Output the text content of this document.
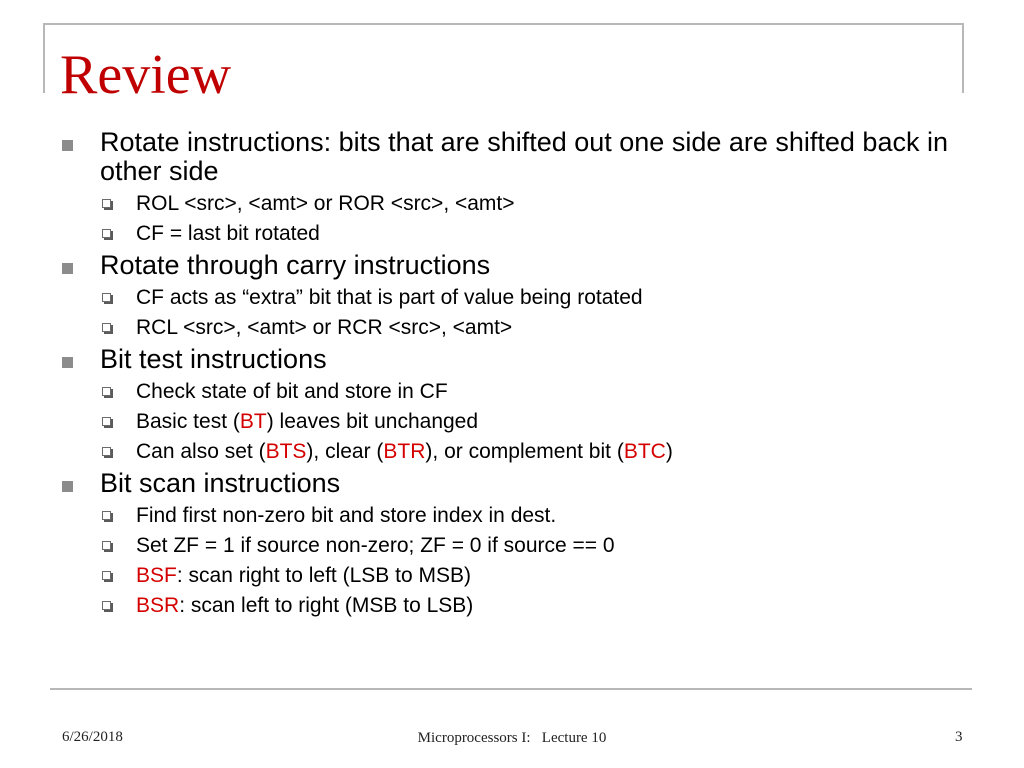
Review
Rotate instructions: bits that are shifted out one side are shifted back in other side
ROL <src>, <amt> or ROR <src>, <amt>
CF = last bit rotated
Rotate through carry instructions
CF acts as “extra” bit that is part of value being rotated
RCL <src>, <amt> or RCR <src>, <amt>
Bit test instructions
Check state of bit and store in CF
Basic test (BT) leaves bit unchanged
Can also set (BTS), clear (BTR), or complement bit (BTC)
Bit scan instructions
Find first non-zero bit and store index in dest.
Set ZF = 1 if source non-zero; ZF = 0 if source == 0
BSF: scan right to left (LSB to MSB)
BSR: scan left to right (MSB to LSB)
6/26/2018	Microprocessors I:   Lecture 10	3
